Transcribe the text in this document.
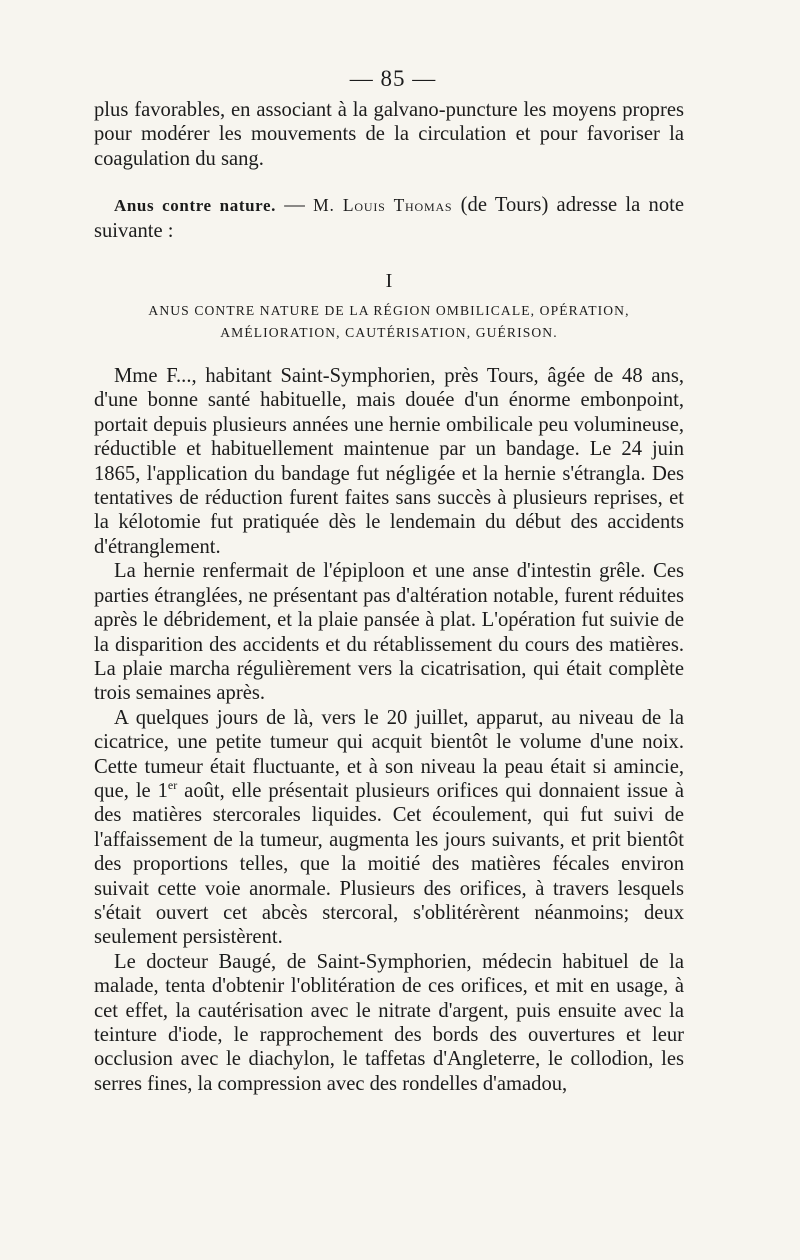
— 85 —

plus favorables, en associant à la galvano-puncture les moyens propres pour modérer les mouvements de la circulation et pour favoriser la coagulation du sang.

Anus contre nature. — M. Louis Thomas (de Tours) adresse la note suivante :

I
ANUS CONTRE NATURE DE LA RÉGION OMBILICALE, OPÉRATION,
AMÉLIORATION, CAUTÉRISATION, GUÉRISON.

Mme F..., habitant Saint-Symphorien, près Tours, âgée de 48 ans, d'une bonne santé habituelle, mais douée d'un énorme embonpoint, portait depuis plusieurs années une hernie ombilicale peu volumineuse, réductible et habituellement maintenue par un bandage. Le 24 juin 1865, l'application du bandage fut négligée et la hernie s'étrangla. Des tentatives de réduction furent faites sans succès à plusieurs reprises, et la kélotomie fut pratiquée dès le lendemain du début des accidents d'étranglement.

La hernie renfermait de l'épiploon et une anse d'intestin grêle. Ces parties étranglées, ne présentant pas d'altération notable, furent réduites après le débridement, et la plaie pansée à plat. L'opération fut suivie de la disparition des accidents et du rétablissement du cours des matières. La plaie marcha régulièrement vers la cicatrisation, qui était complète trois semaines après.

A quelques jours de là, vers le 20 juillet, apparut, au niveau de la cicatrice, une petite tumeur qui acquit bientôt le volume d'une noix. Cette tumeur était fluctuante, et à son niveau la peau était si amincie, que, le 1er août, elle présentait plusieurs orifices qui donnaient issue à des matières stercorales liquides. Cet écoulement, qui fut suivi de l'affaissement de la tumeur, augmenta les jours suivants, et prit bientôt des proportions telles, que la moitié des matières fécales environ suivait cette voie anormale. Plusieurs des orifices, à travers lesquels s'était ouvert cet abcès stercoral, s'oblitérèrent néanmoins; deux seulement persistèrent.

Le docteur Baugé, de Saint-Symphorien, médecin habituel de la malade, tenta d'obtenir l'oblitération de ces orifices, et mit en usage, à cet effet, la cautérisation avec le nitrate d'argent, puis ensuite avec la teinture d'iode, le rapprochement des bords des ouvertures et leur occlusion avec le diachylon, le taffetas d'Angleterre, le collodion, les serres fines, la compression avec des rondelles d'amadou,
